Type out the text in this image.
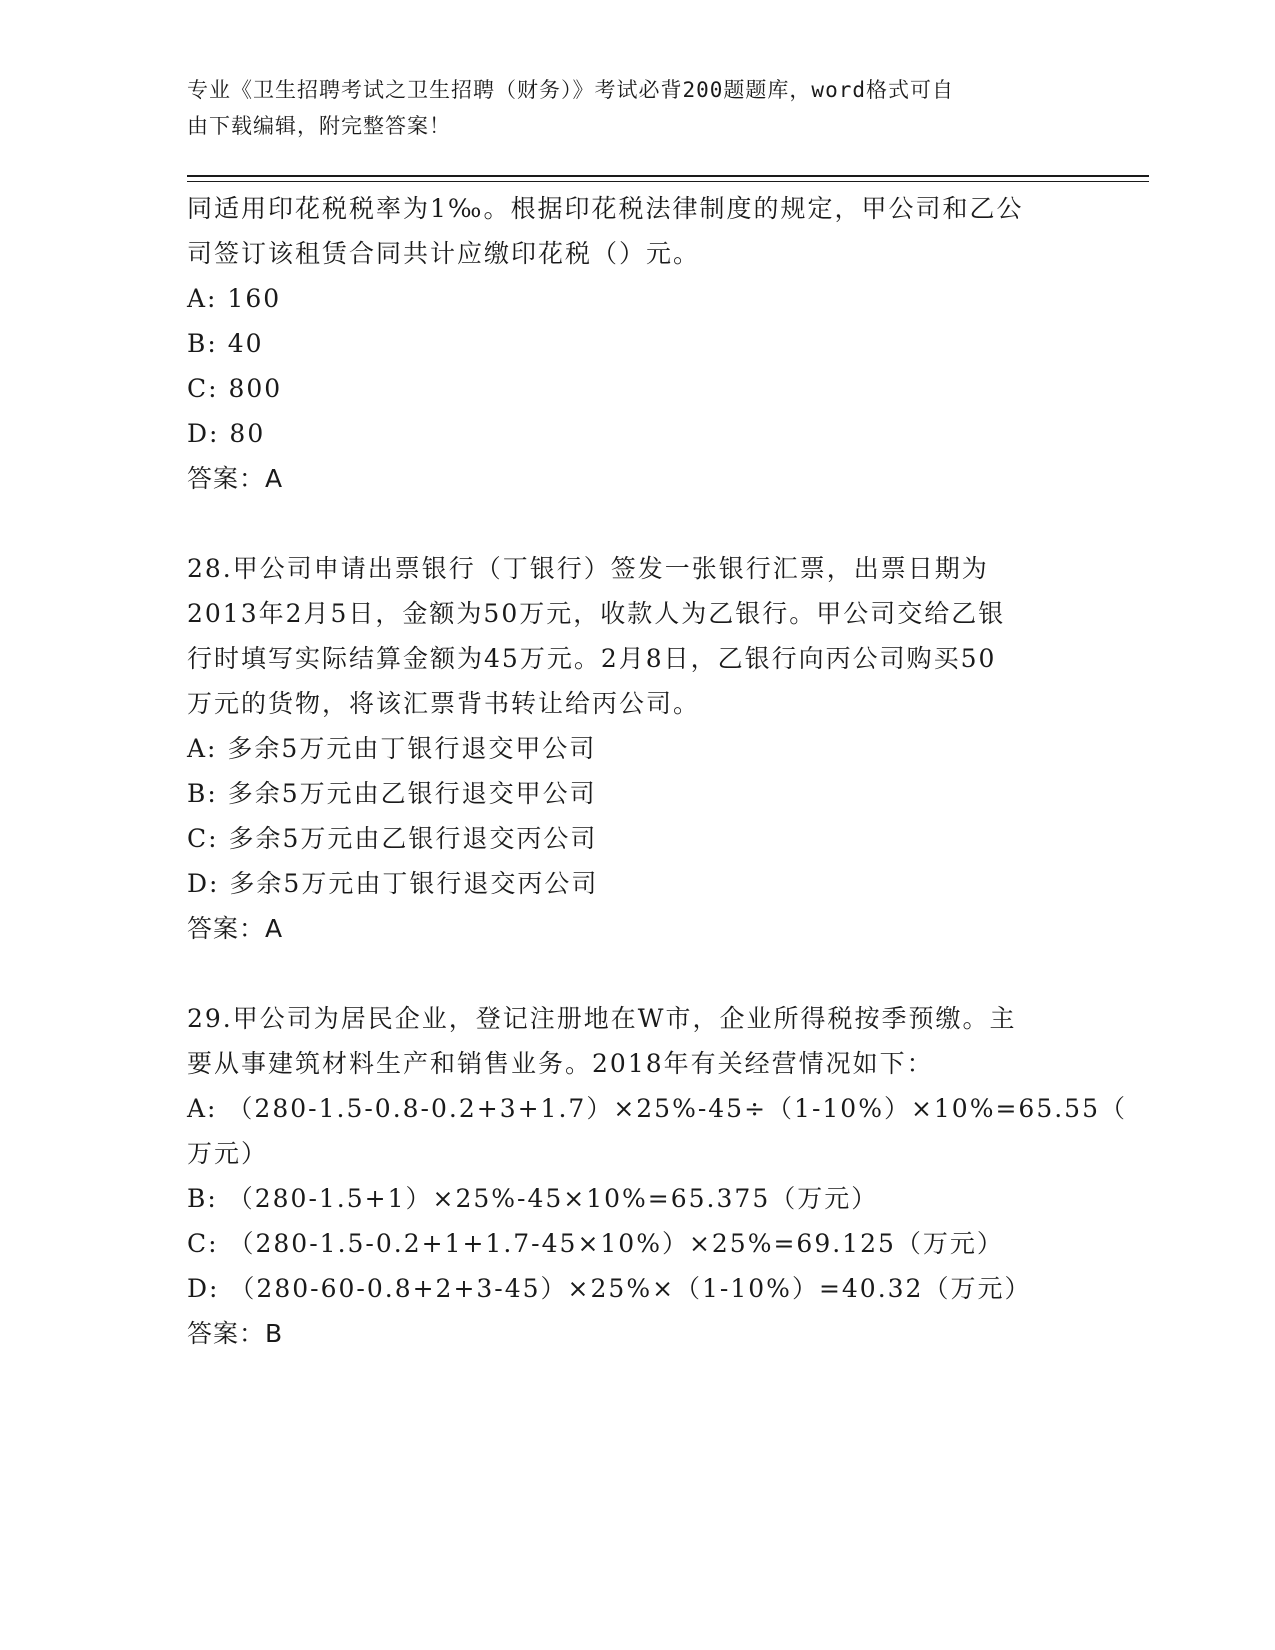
专业《卫生招聘考试之卫生招聘（财务）》考试必背200题题库，word格式可自
由下载编辑，附完整答案！
同适用印花税税率为1‰。根据印花税法律制度的规定，甲公司和乙公
司签订该租赁合同共计应缴印花税（）元。
A: 160
B: 40
C: 800
D: 80
答案：A
28.甲公司申请出票银行（丁银行）签发一张银行汇票，出票日期为
2013年2月5日，金额为50万元，收款人为乙银行。甲公司交给乙银
行时填写实际结算金额为45万元。2月8日，乙银行向丙公司购买50
万元的货物，将该汇票背书转让给丙公司。
A: 多余5万元由丁银行退交甲公司
B: 多余5万元由乙银行退交甲公司
C: 多余5万元由乙银行退交丙公司
D: 多余5万元由丁银行退交丙公司
答案：A
29.甲公司为居民企业，登记注册地在W市，企业所得税按季预缴。主
要从事建筑材料生产和销售业务。2018年有关经营情况如下：
A: （280-1.5-0.8-0.2+3+1.7）×25%-45÷（1-10%）×10%=65.55（
万元）
B: （280-1.5+1）×25%-45×10%=65.375（万元）
C: （280-1.5-0.2+1+1.7-45×10%）×25%=69.125（万元）
D: （280-60-0.8+2+3-45）×25%×（1-10%）=40.32（万元）
答案：B
